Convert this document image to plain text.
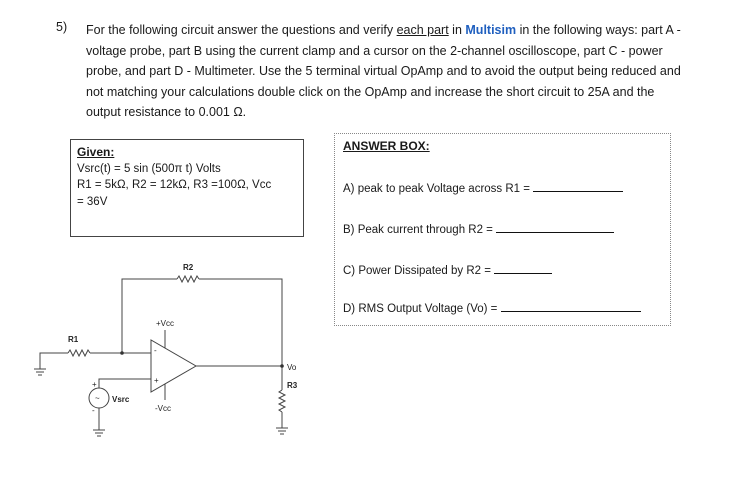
5) For the following circuit answer the questions and verify each part in Multisim in the following ways: part A - voltage probe, part B using the current clamp and a cursor on the 2-channel oscilloscope, part C - power probe, and part D - Multimeter. Use the 5 terminal virtual OpAmp and to avoid the output being reduced and not matching your calculations double click on the OpAmp and increase the short circuit to 25A and the output resistance to 0.001 Ω.
Given:
Vsrc(t) = 5 sin (500π t) Volts
R1 = 5kΩ, R2 = 12kΩ, R3 =100Ω, Vcc
= 36V
ANSWER BOX:
A) peak to peak Voltage across R1 =
B) Peak current through R2 =
C) Power Dissipated by R2 =
D) RMS Output Voltage (Vo) =
R1
R2
R3
+Vcc
-Vcc
Vsrc
Vo
-
+
+
-
~
